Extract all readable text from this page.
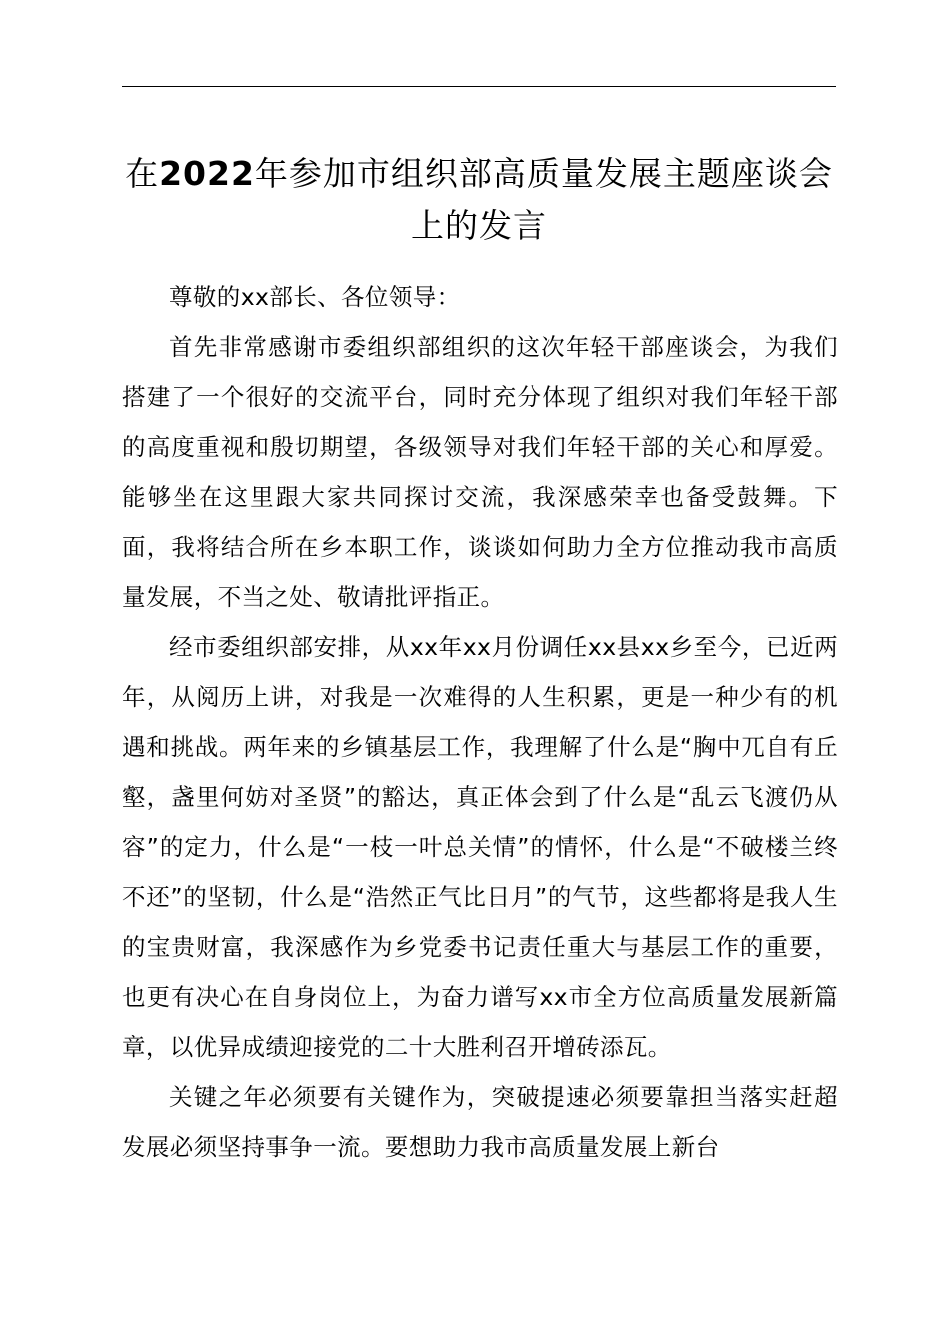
在2022年参加市组织部高质量发展主题座谈会上的发言

尊敬的xx部长、各位领导：

首先非常感谢市委组织部组织的这次年轻干部座谈会，为我们搭建了一个很好的交流平台，同时充分体现了组织对我们年轻干部的高度重视和殷切期望，各级领导对我们年轻干部的关心和厚爱。能够坐在这里跟大家共同探讨交流，我深感荣幸也备受鼓舞。下面，我将结合所在乡本职工作，谈谈如何助力全方位推动我市高质量发展，不当之处、敬请批评指正。

经市委组织部安排，从xx年xx月份调任xx县xx乡至今，已近两年，从阅历上讲，对我是一次难得的人生积累，更是一种少有的机遇和挑战。两年来的乡镇基层工作，我理解了什么是“胸中兀自有丘壑，盏里何妨对圣贤”的豁达，真正体会到了什么是“乱云飞渡仍从容”的定力，什么是“一枝一叶总关情”的情怀，什么是“不破楼兰终不还”的坚韧，什么是“浩然正气比日月”的气节，这些都将是我人生的宝贵财富，我深感作为乡党委书记责任重大与基层工作的重要，也更有决心在自身岗位上，为奋力谱写xx市全方位高质量发展新篇章，以优异成绩迎接党的二十大胜利召开增砖添瓦。

关键之年必须要有关键作为，突破提速必须要靠担当落实赶超发展必须坚持事争一流。要想助力我市高质量发展上新台
